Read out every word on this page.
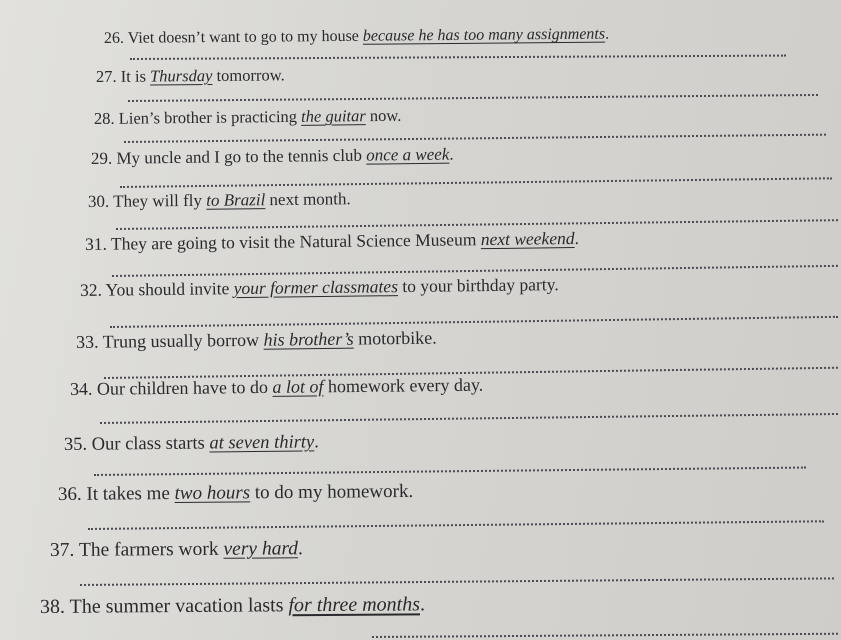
26. Viet doesn’t want to go to my house because he has too many assignments.
27. It is Thursday tomorrow.
28. Lien’s brother is practicing the guitar now.
29. My uncle and I go to the tennis club once a week.
30. They will fly to Brazil next month.
31. They are going to visit the Natural Science Museum next weekend.
32. You should invite your former classmates to your birthday party.
33. Trung usually borrow his brother’s motorbike.
34. Our children have to do a lot of homework every day.
35. Our class starts at seven thirty.
36. It takes me two hours to do my homework.
37. The farmers work very hard.
38. The summer vacation lasts for three months.
